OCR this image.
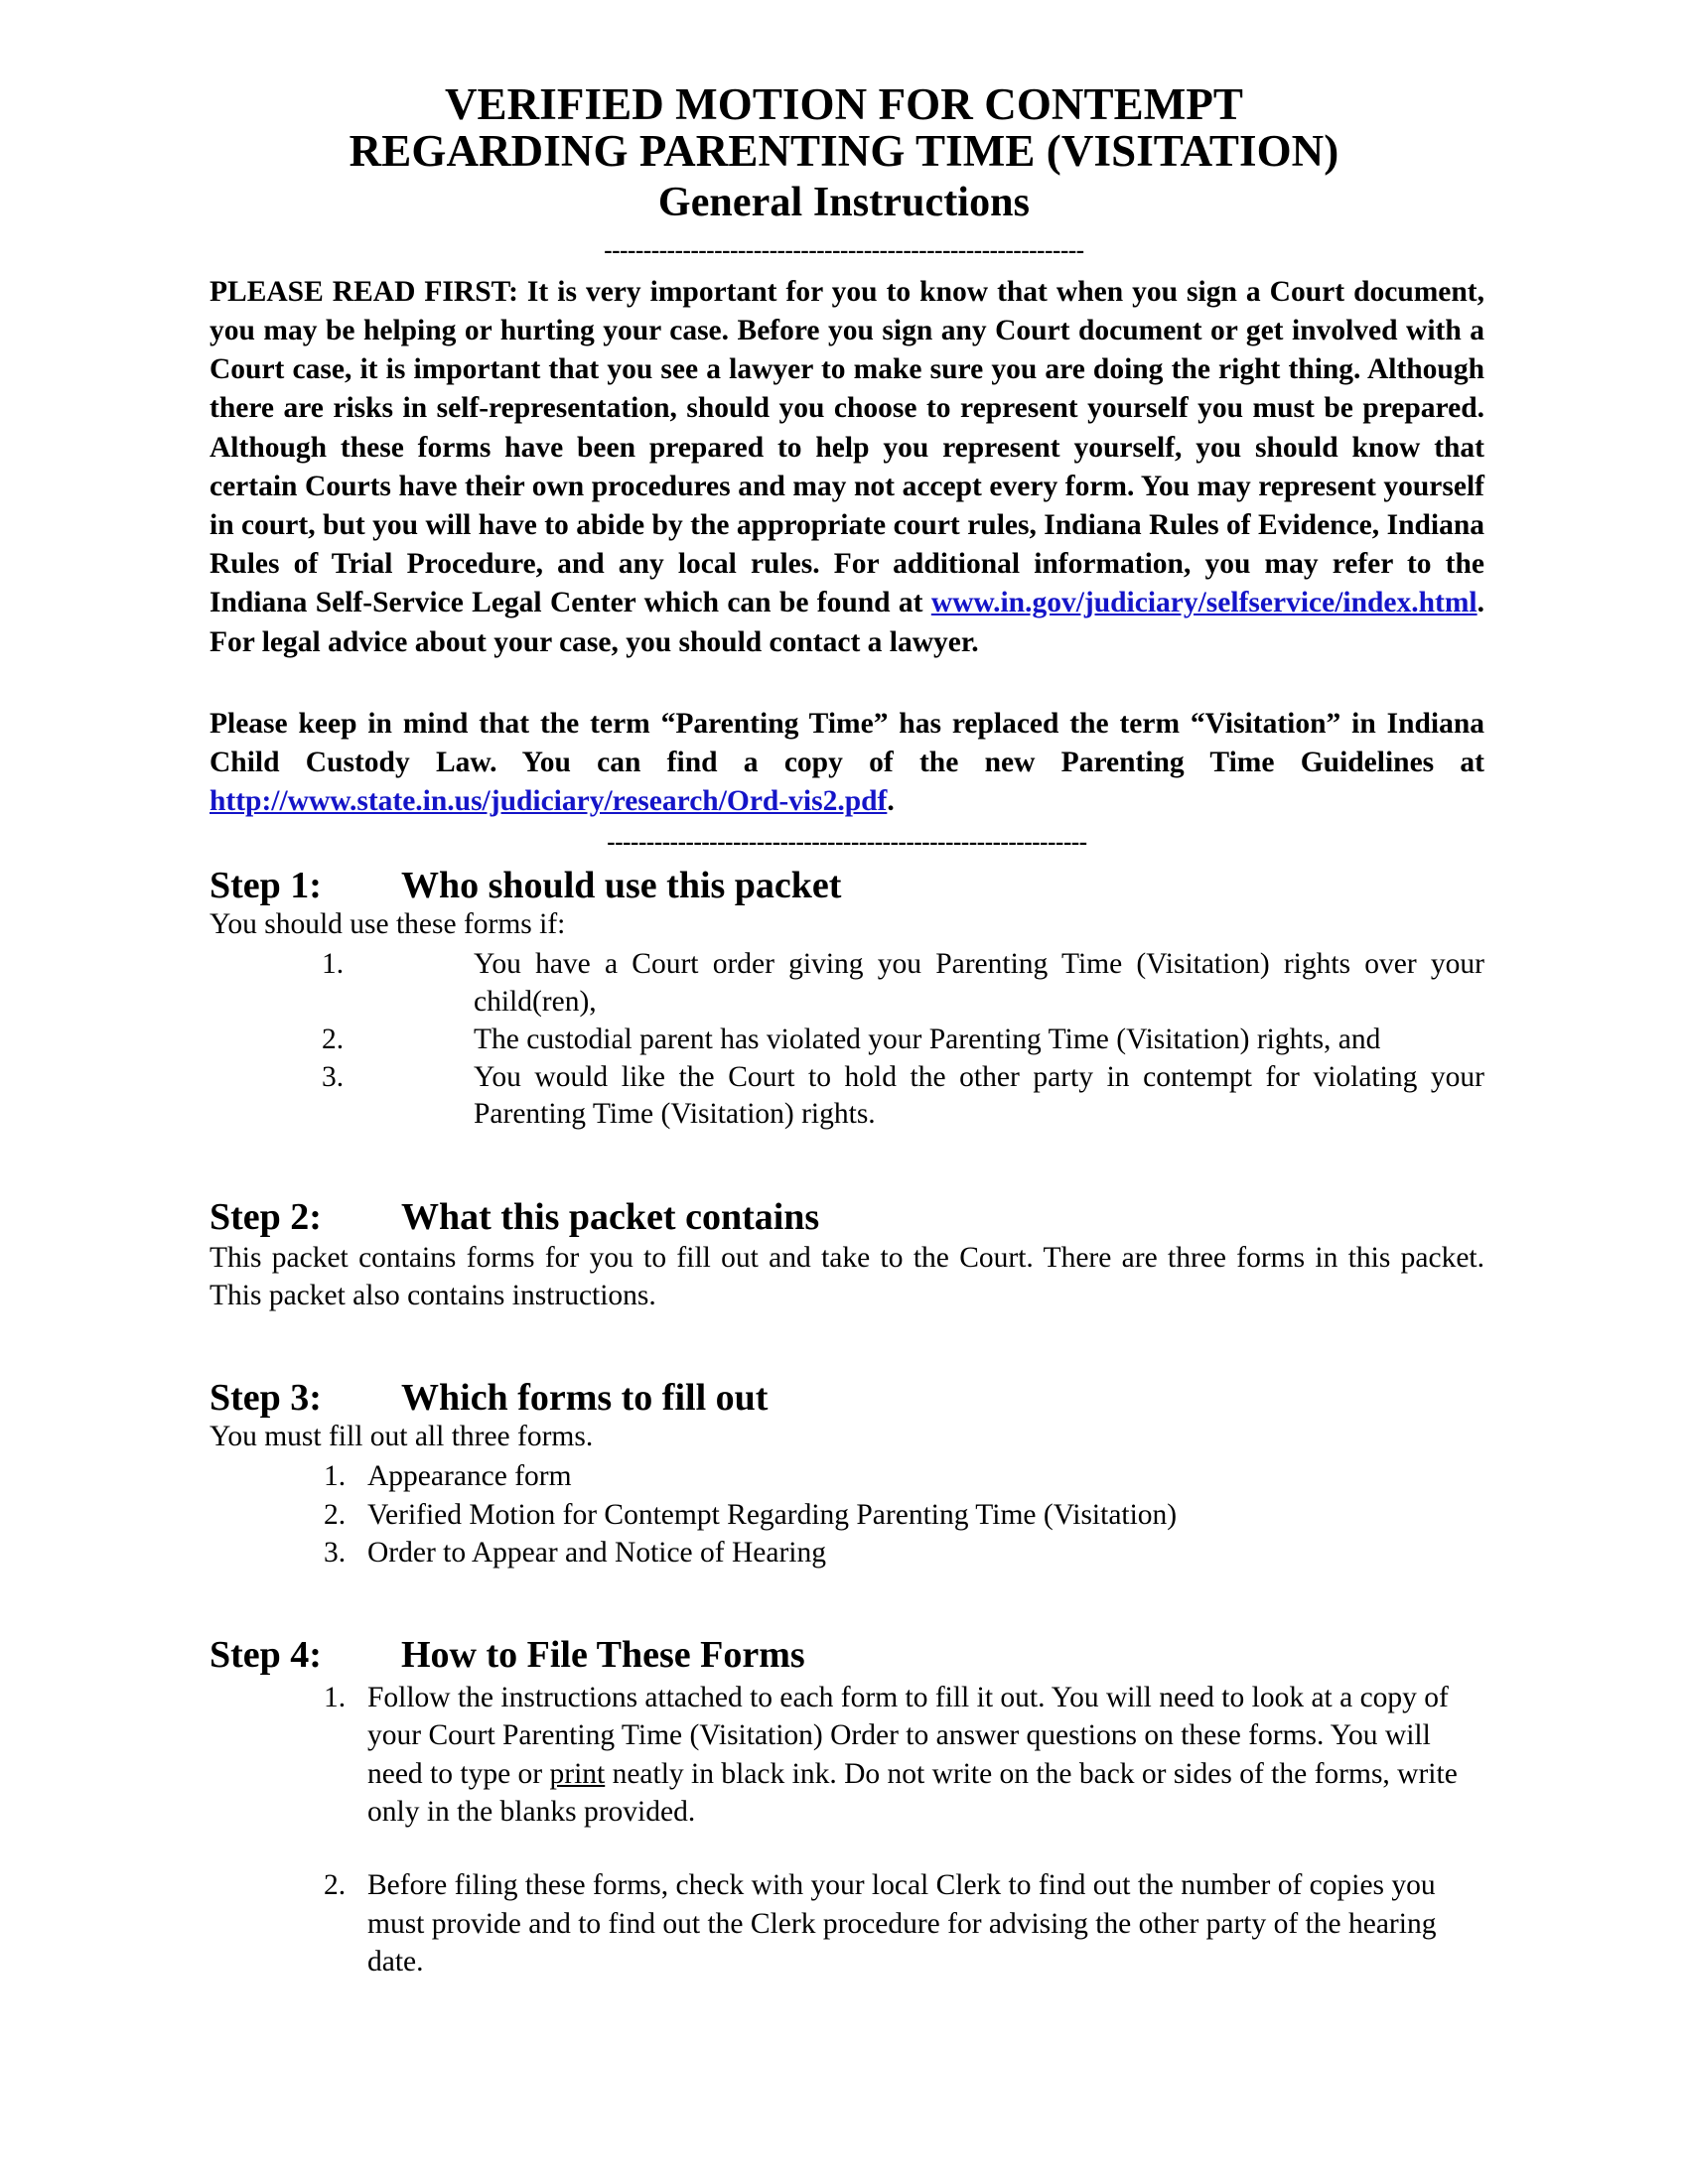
VERIFIED MOTION FOR CONTEMPT
REGARDING PARENTING TIME (VISITATION)
General Instructions
-------------------------------------------------------------

PLEASE READ FIRST: It is very important for you to know that when you sign a Court document, you may be helping or hurting your case. Before you sign any Court document or get involved with a Court case, it is important that you see a lawyer to make sure you are doing the right thing. Although there are risks in self-representation, should you choose to represent yourself you must be prepared. Although these forms have been prepared to help you represent yourself, you should know that certain Courts have their own procedures and may not accept every form. You may represent yourself in court, but you will have to abide by the appropriate court rules, Indiana Rules of Evidence, Indiana Rules of Trial Procedure, and any local rules. For additional information, you may refer to the Indiana Self-Service Legal Center which can be found at www.in.gov/judiciary/selfservice/index.html. For legal advice about your case, you should contact a lawyer.

Please keep in mind that the term “Parenting Time” has replaced the term “Visitation” in Indiana Child Custody Law. You can find a copy of the new Parenting Time Guidelines at http://www.state.in.us/judiciary/research/Ord-vis2.pdf.

-------------------------------------------------------------
Step 1: Who should use this packet
You should use these forms if:
1.	You have a Court order giving you Parenting Time (Visitation) rights over your child(ren),
2.	The custodial parent has violated your Parenting Time (Visitation) rights, and
3.	You would like the Court to hold the other party in contempt for violating your Parenting Time (Visitation) rights.
Step 2: What this packet contains

This packet contains forms for you to fill out and take to the Court. There are three forms in this packet. This packet also contains instructions.

Step 3: Which forms to fill out
You must fill out all three forms.
1. Appearance form
2. Verified Motion for Contempt Regarding Parenting Time (Visitation)
3. Order to Appear and Notice of Hearing
Step 4: How to File These Forms
1. Follow the instructions attached to each form to fill it out. You will need to look at a copy of your Court Parenting Time (Visitation) Order to answer questions on these forms. You will need to type or print neatly in black ink. Do not write on the back or sides of the forms, write only in the blanks provided.
2. Before filing these forms, check with your local Clerk to find out the number of copies you must provide and to find out the Clerk procedure for advising the other party of the hearing date.
